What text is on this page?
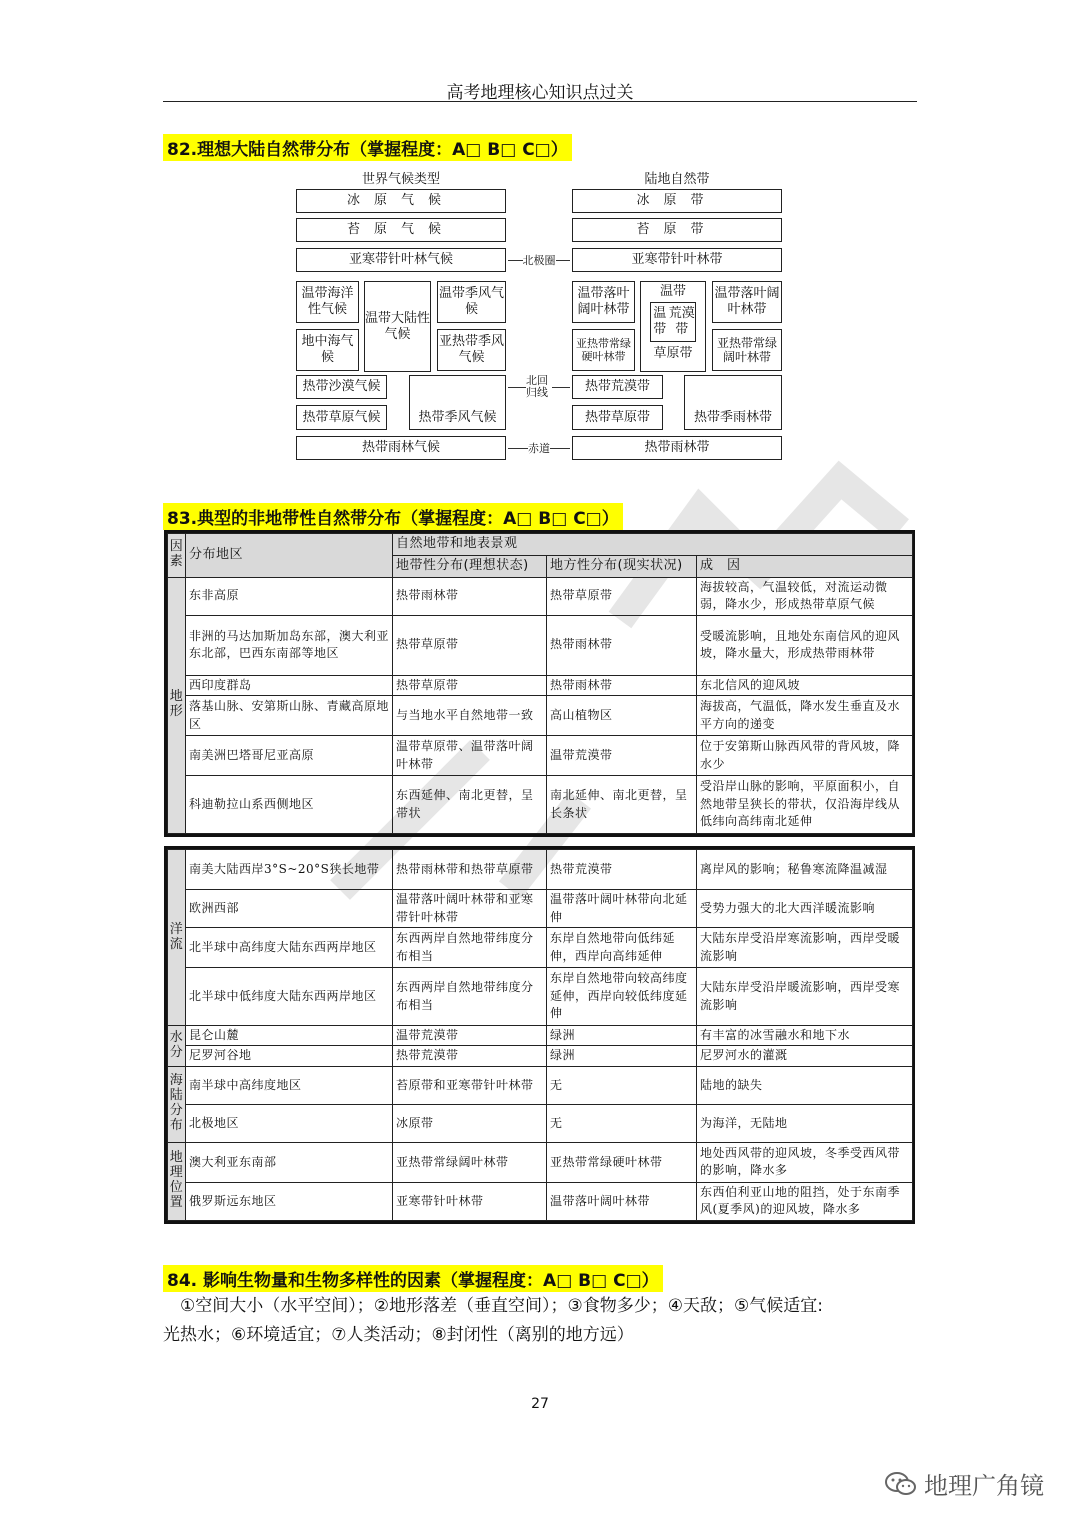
高考地理核心知识点过关
82.理想大陆自然带分布（掌握程度：A□ B□ C□）
世界气候类型	陆地自然带
冰原气候
苔原气候
亚寒带针叶林气候
温带海洋性气候
温带大陆性气候
温带季风气候
地中海气候
亚热带季风气候
热带沙漠气候
热带草原气候	热带季风气候
热带雨林气候
北极圈
北回归线
赤道
冰原带
苔原带
亚寒带针叶林带
温带落叶阔叶林带
温带
温带

荒漠带
草原带
温带落叶阔叶林带
亚热带常绿硬叶林带
亚热带常绿阔叶林带
热带荒漠带
热带草原带	热带季雨林带
热带雨林带
83.典型的非地带性自然带分布（掌握程度：A□ B□ C□）
因素	分布地区	自然地带和地表景观		
		地带性分布(理想状态)	地方性分布(现实状况)	成　因
地形	东非高原	热带雨林带	热带草原带	海拔较高，气温较低，对流运动微弱，降水少，形成热带草原气候
	非洲的马达加斯加岛东部，澳大利亚东北部，巴西东南部等地区	热带草原带	热带雨林带	受暖流影响，且地处东南信风的迎风坡，降水量大，形成热带雨林带
	西印度群岛	热带草原带	热带雨林带	东北信风的迎风坡
	落基山脉、安第斯山脉、青藏高原地区	与当地水平自然地带一致	高山植物区	海拔高，气温低，降水发生垂直及水平方向的递变
	南美洲巴塔哥尼亚高原	温带草原带、温带落叶阔叶林带	温带荒漠带	位于安第斯山脉西风带的背风坡，降水少
	科迪勒拉山系西侧地区	东西延伸、南北更替，呈带状	南北延伸、南北更替，呈长条状	受沿岸山脉的影响，平原面积小，自然地带呈狭长的带状，仅沿海岸线从低纬向高纬南北延伸
洋流	南美大陆西岸3°S~20°S狭长地带	热带雨林带和热带草原带	热带荒漠带	离岸风的影响；秘鲁寒流降温减湿
	欧洲西部	温带落叶阔叶林带和亚寒带针叶林带	温带落叶阔叶林带向北延伸	受势力强大的北大西洋暖流影响
	北半球中高纬度大陆东西两岸地区	东西两岸自然地带纬度分布相当	东岸自然地带向低纬延伸，西岸向高纬延伸	大陆东岸受沿岸寒流影响，西岸受暖流影响
	北半球中低纬度大陆东西两岸地区	东西两岸自然地带纬度分布相当	东岸自然地带向较高纬度延伸，西岸向较低纬度延伸	大陆东岸受沿岸暖流影响，西岸受寒流影响
水分	昆仑山麓	温带荒漠带	绿洲	有丰富的冰雪融水和地下水
	尼罗河谷地	热带荒漠带	绿洲	尼罗河水的灌溉
海陆分布	南半球中高纬度地区	苔原带和亚寒带针叶林带	无	陆地的缺失
	北极地区	冰原带	无	为海洋，无陆地
地理位置	澳大利亚东南部	亚热带常绿阔叶林带	亚热带常绿硬叶林带	地处西风带的迎风坡，冬季受西风带的影响，降水多
	俄罗斯远东地区	亚寒带针叶林带	温带落叶阔叶林带	东西伯利亚山地的阻挡，处于东南季风(夏季风)的迎风坡，降水多
84. 影响生物量和生物多样性的因素（掌握程度：A□ B□ C□）
①空间大小（水平空间）；②地形落差（垂直空间）；③食物多少；④天敌；⑤气候适宜:
光热水；⑥环境适宜；⑦人类活动；⑧封闭性（离别的地方远）
27
地理广角镜
